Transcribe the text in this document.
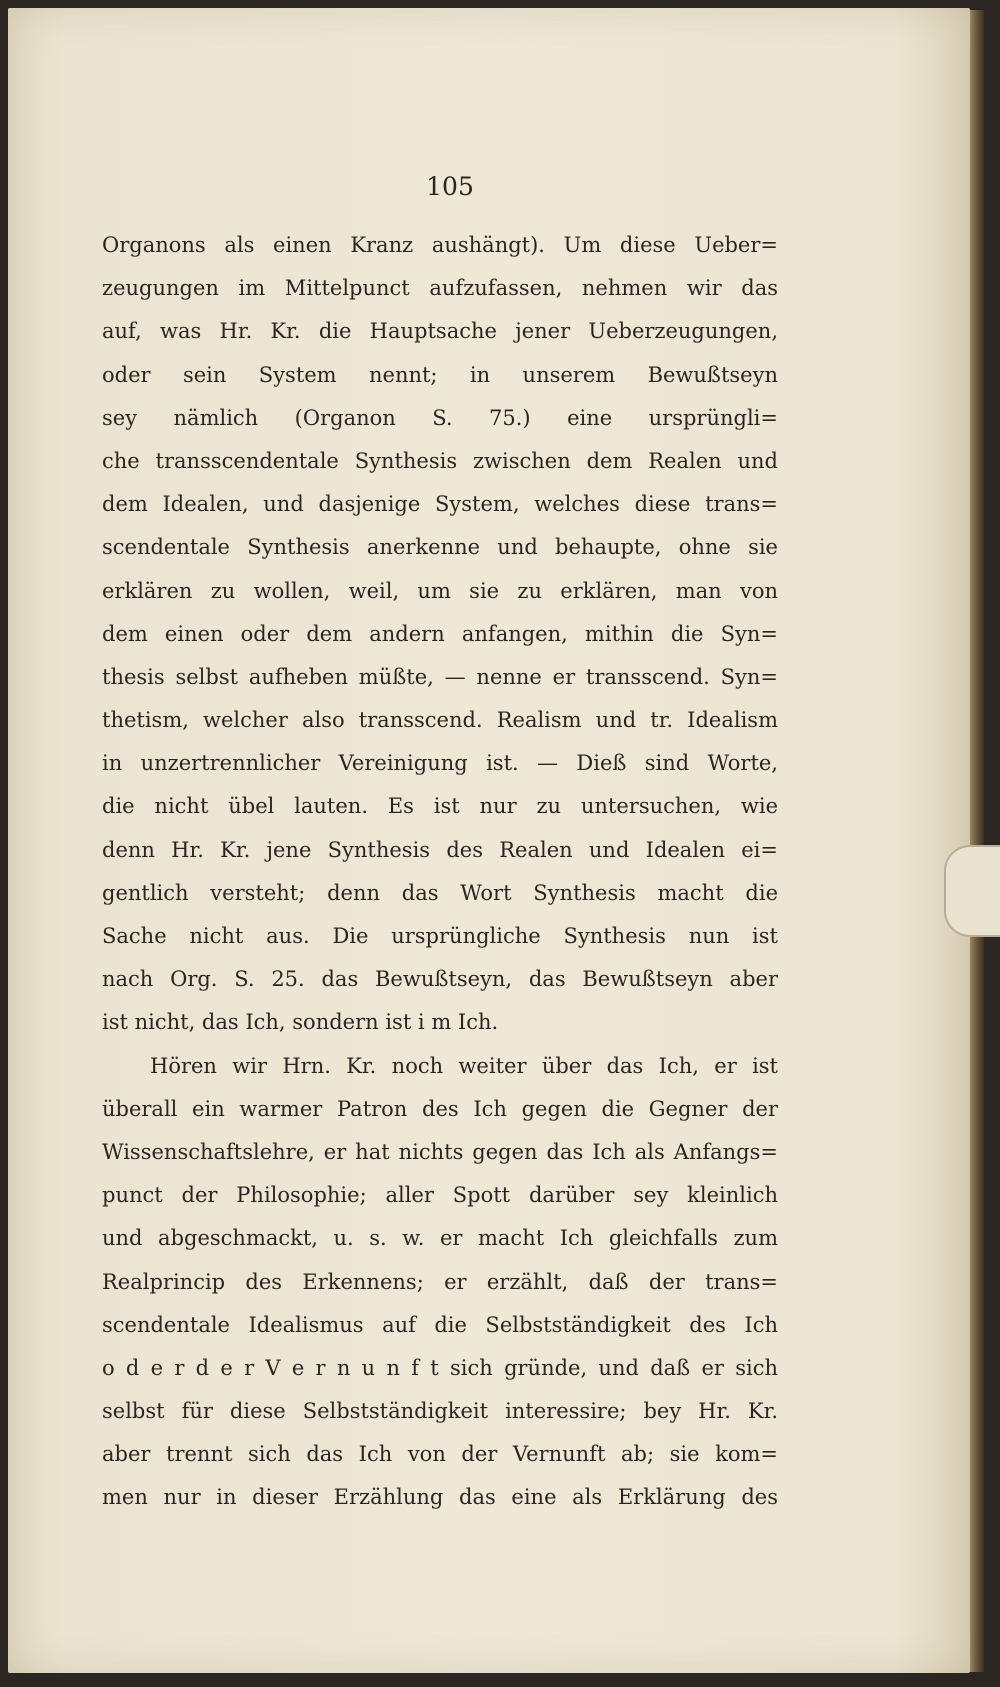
105
Organons als einen Kranz aushängt). Um diese Ueber=
zeugungen im Mittelpunct aufzufassen, nehmen wir das
auf, was Hr. Kr. die Hauptsache jener Ueberzeugungen,
oder sein System nennt; in unserem Bewußtseyn
sey nämlich (Organon S. 75.) eine ursprüngli=
che transscendentale Synthesis zwischen dem Realen und
dem Idealen, und dasjenige System, welches diese trans=
scendentale Synthesis anerkenne und behaupte, ohne sie
erklären zu wollen, weil, um sie zu erklären, man von
dem einen oder dem andern anfangen, mithin die Syn=
thesis selbst aufheben müßte, — nenne er transscend. Syn=
thetism, welcher also transscend. Realism und tr. Idealism
in unzertrennlicher Vereinigung ist. — Dieß sind Worte,
die nicht übel lauten. Es ist nur zu untersuchen, wie
denn Hr. Kr. jene Synthesis des Realen und Idealen ei=
gentlich versteht; denn das Wort Synthesis macht die
Sache nicht aus. Die ursprüngliche Synthesis nun ist
nach Org. S. 25. das Bewußtseyn, das Bewußtseyn aber
ist nicht, das Ich, sondern ist i m Ich.
Hören wir Hrn. Kr. noch weiter über das Ich, er ist
überall ein warmer Patron des Ich gegen die Gegner der
Wissenschaftslehre, er hat nichts gegen das Ich als Anfangs=
punct der Philosophie; aller Spott darüber sey kleinlich
und abgeschmackt, u. s. w. er macht Ich gleichfalls zum
Realprincip des Erkennens; er erzählt, daß der trans=
scendentale Idealismus auf die Selbstständigkeit des Ich
o d e r d e r V e r n u n f t sich gründe, und daß er sich
selbst für diese Selbstständigkeit interessire; bey Hr. Kr.
aber trennt sich das Ich von der Vernunft ab; sie kom=
men nur in dieser Erzählung das eine als Erklärung des
